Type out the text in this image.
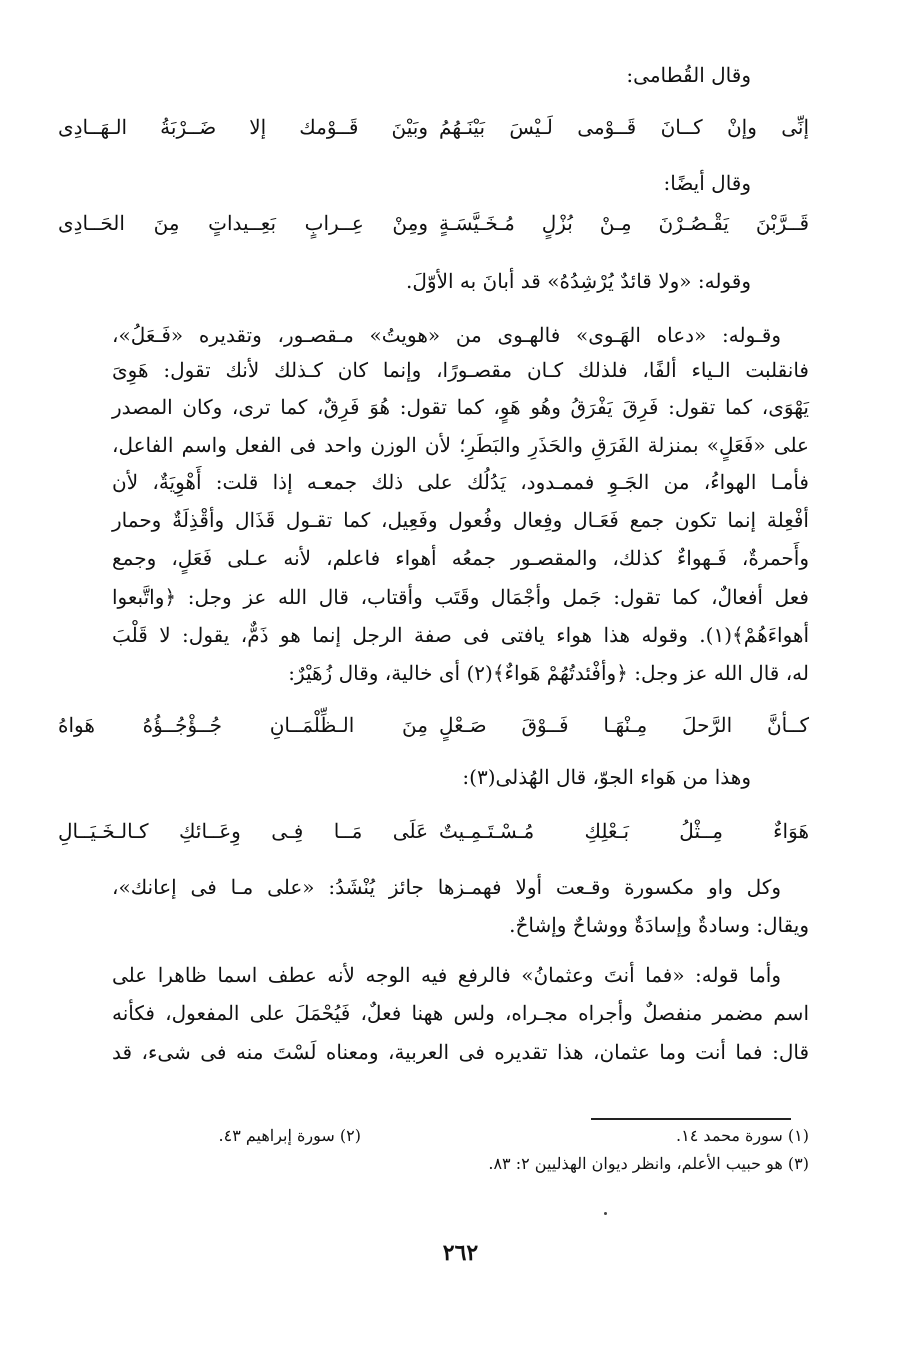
وقال القُطامى:
إنِّى وإنْ كــانَ قَــوْمى لَـيْسَ بَيْنَـهُمُ
وبَيْنَ قَــوْمك إلا ضَــرْبَةُ الـهَــادِى
وقال أيضًا:
قَــرَّبْنَ يَقْـصُـرْنَ مِـنْ بُزْلٍ مُـخَـيَّسَـةٍ
ومِنْ عِــرابٍ بَعِــيداتٍ مِنَ الحَــادِى
وقوله: «ولا قائدٌ يُرْشِدُهُ» قد أبانَ به الأوّلَ.
وقـوله: «دعاه الهَـوى» فالهـوى من «هويتُ» مـقصـور، وتقديره «فَـعَلُ»،
فانقلبت الـياء ألفًا، فلذلك كـان مقصـورًا، وإنما كان كـذلك لأنك تقول: هَوِىَ
يَهْوَى، كما تقول: فَرِقَ يَفْرَقُ وهُو هَوٍ، كما تقول: هُوَ فَرِقٌ، كما ترى، وكان المصدر
على «فَعَلٍ» بمنزلة الفَرَقِ والحَذَرِ والبَطَرِ؛ لأن الوزن واحد فى الفعل واسم الفاعل،
فأمـا الهواءُ، من الجَـوِ فممـدود، يَدُلُك على ذلك جمعـه إذا قلت: أَهْوِيَةٌ، لأن
أفْعِلة إنما تكون جمع فَعَـال وفِعال وفُعول وفَعِيل، كما تقـول قَذَال وأقْذِلَةٌ وحمار
وأَحمرةٌ، فَـهواءٌ كذلك، والمقصـور جمعُه أهواء فاعلم، لأنه عـلى فَعَلٍ، وجمع
فعل أفعالٌ، كما تقول: جَمل وأجْمَال وقَتَب وأقتاب، قال الله عز وجل: ﴿واتَّبعوا
أهواءَهُمْ﴾(١). وقوله هذا هواء يافتى فى صفة الرجل إنما هو ذَمٌّ، يقول: لا قَلْبَ
له، قال الله عز وجل: ﴿وأفْئدتُهُمْ هَواءٌ﴾(٢) أى خالية، وقال زُهَيْرٌ:
كــأنَّ الرَّحلَ مِـنْهَـا فَــوْقَ صَـعْلٍ
مِنَ الـظِّلْمَــانِ جُــؤْجُــؤُهُ هَواهُ
وهذا من هَواء الجوّ، قال الهُذلى(٣):
هَوَاءٌ مِــثْلُ بَـعْلِكِ مُـسْـتَـمِـيتٌ
عَلَى مَــا فِـى وِعَــائكِ كـالـخَـيَــالِ
وكل واو مكسورة وقـعت أولا فهمـزها جائز يُنْشَدُ: «على مـا فى إعانك»،
ويقال: وسادةٌ وإسادَةٌ ووشاحٌ وإشاحٌ.
وأما قوله: «فما أنتَ وعثمانُ» فالرفع فيه الوجه لأنه عطف اسما ظاهرا على
اسم مضمر منفصلٌ وأجراه مجـراه، ولس ههنا فعلٌ، فَيُحْمَلَ على المفعول، فكأنه
قال: فما أنت وما عثمان، هذا تقديره فى العربية، ومعناه لَسْتَ منه فى شىء، قد
(١) سورة محمد ١٤.
(٢) سورة إبراهيم ٤٣.
(٣) هو حبيب الأعلم، وانظر ديوان الهذليين ٢: ٨٣.
٢٦٢
